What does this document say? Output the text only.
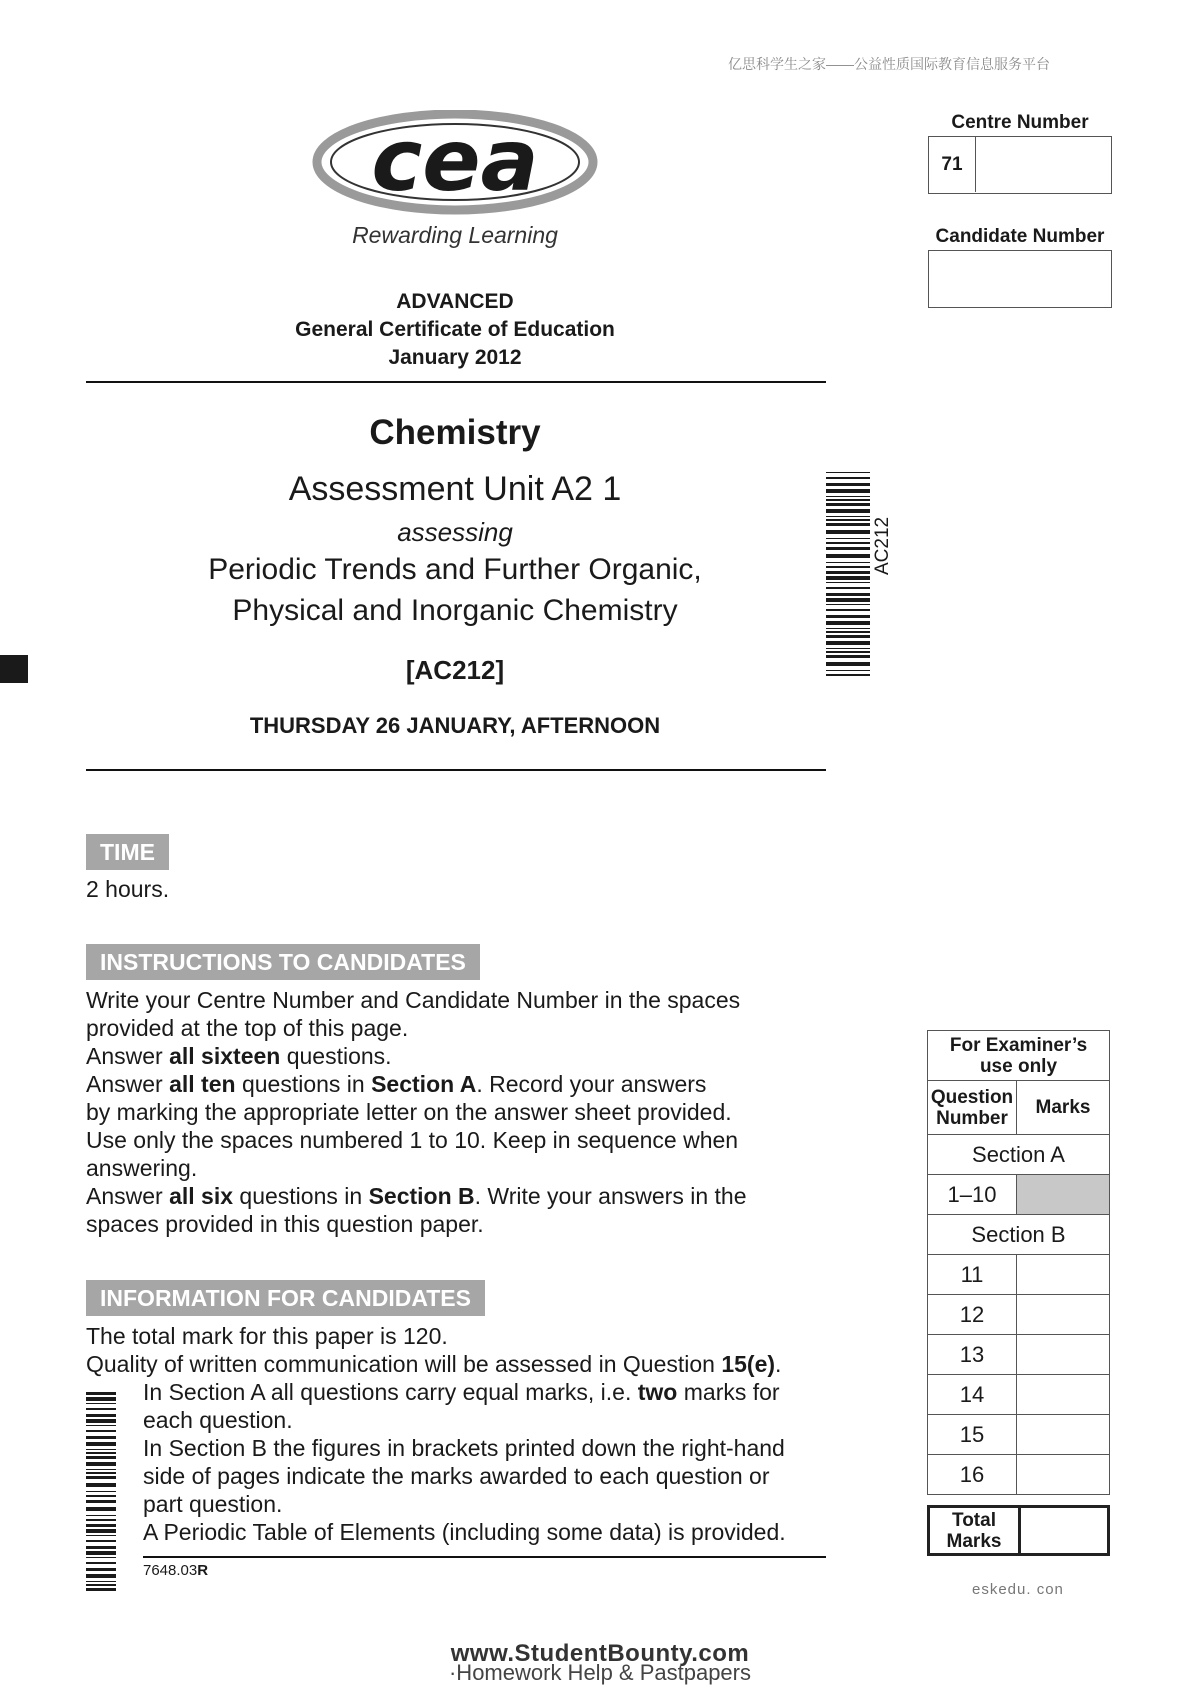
亿思科学生之家——公益性质国际教育信息服务平台
cea
Rewarding Learning
ADVANCED
General Certificate of Education
January 2012
Chemistry
Assessment Unit A2 1
assessing
Periodic Trends and Further Organic,
Physical and Inorganic Chemistry
[AC212]
THURSDAY 26 JANUARY, AFTERNOON
AC212
Centre Number
71
Candidate Number
TIME
2 hours.
INSTRUCTIONS TO CANDIDATES
Write your Centre Number and Candidate Number in the spaces
provided at the top of this page.
Answer all sixteen questions.
Answer all ten questions in Section A. Record your answers
by marking the appropriate letter on the answer sheet provided.
Use only the spaces numbered 1 to 10. Keep in sequence when
answering.
Answer all six questions in Section B. Write your answers in the
spaces provided in this question paper.
INFORMATION FOR CANDIDATES
The total mark for this paper is 120.
Quality of written communication will be assessed in Question 15(e).
In Section A all questions carry equal marks, i.e. two marks for
each question.
In Section B the figures in brackets printed down the right-hand
side of pages indicate the marks awarded to each question or
part question.
A Periodic Table of Elements (including some data) is provided.
7648.03R
For Examiner’s
use only	

Question
Number	Marks
Section A	
1–10	
Section B	
11	
12	
13	
14	
15	
16	
Total
Marks

eskedu. con
www.StudentBounty.com
·Homework Help & Pastpapers
